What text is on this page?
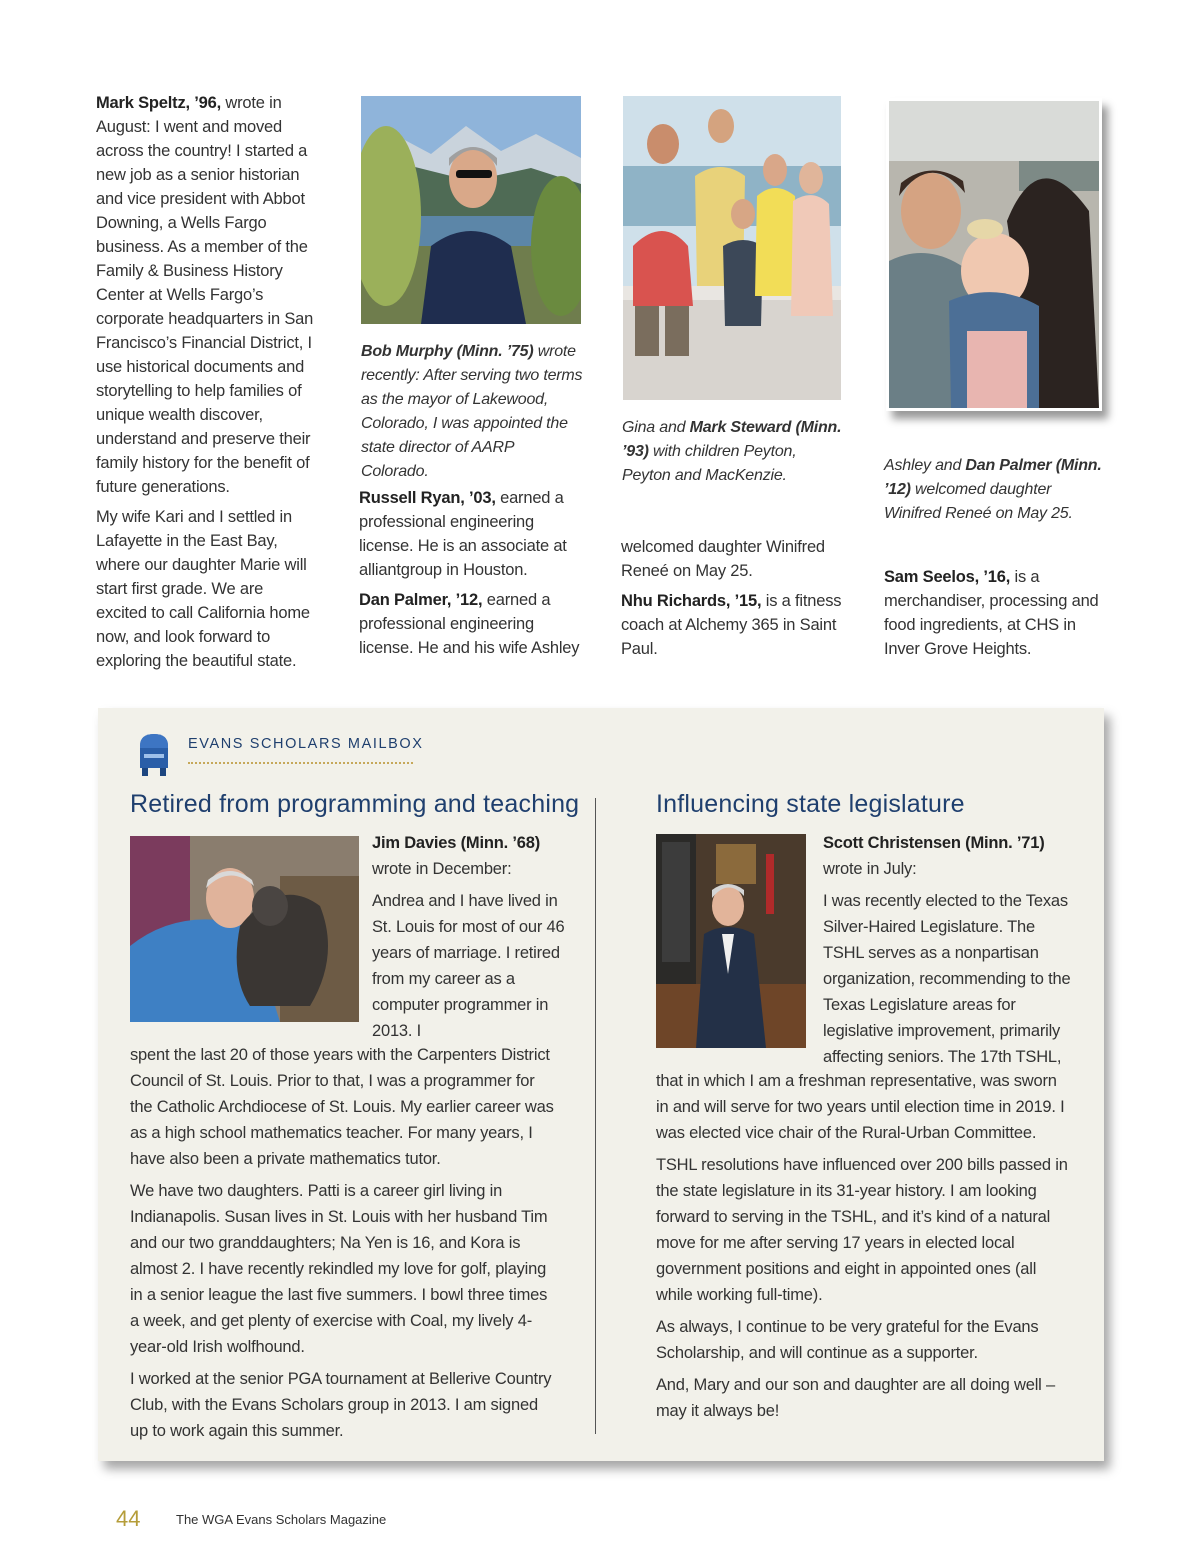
Mark Speltz, ’96, wrote in August: I went and moved across the country! I started a new job as a senior historian and vice president with Abbot Downing, a Wells Fargo business. As a member of the Family & Business History Center at Wells Fargo’s corporate headquarters in San Francisco’s Financial District, I use historical documents and storytelling to help families of unique wealth discover, understand and preserve their family history for the benefit of future generations.

My wife Kari and I settled in Lafayette in the East Bay, where our daughter Marie will start first grade. We are excited to call California home now, and look forward to exploring the beautiful state.

Bob Murphy (Minn. ’75) wrote recently: After serving two terms as the mayor of Lakewood, Colorado, I was appointed the state director of AARP Colorado.

Russell Ryan, ’03, earned a professional engineering license. He is an associate at alliantgroup in Houston.

Dan Palmer, ’12, earned a professional engineering license. He and his wife Ashley

Gina and Mark Steward (Minn. ’93) with children Peyton, Peyton and MacKenzie.

welcomed daughter Winifred Reneé on May 25.

Nhu Richards, ’15, is a fitness coach at Alchemy 365 in Saint Paul.

Ashley and Dan Palmer (Minn. ’12) welcomed daughter Winifred Reneé on May 25.

Sam Seelos, ’16, is a merchandiser, processing and food ingredients, at CHS in Inver Grove Heights.

EVANS SCHOLARS MAILBOX
Retired from programming and teaching

Jim Davies (Minn. ’68)
wrote in December:

Andrea and I have lived in St. Louis for most of our 46 years of marriage. I retired from my career as a computer programmer in 2013. I

spent the last 20 of those years with the Carpenters District Council of St. Louis. Prior to that, I was a programmer for the Catholic Archdiocese of St. Louis. My earlier career was as a high school mathematics teacher. For many years, I have also been a private mathematics tutor.

We have two daughters. Patti is a career girl living in Indianapolis. Susan lives in St. Louis with her husband Tim and our two granddaughters; Na Yen is 16, and Kora is almost 2. I have recently rekindled my love for golf, playing in a senior league the last five summers. I bowl three times a week, and get plenty of exercise with Coal, my lively 4-year-old Irish wolfhound.

I worked at the senior PGA tournament at Bellerive Country Club, with the Evans Scholars group in 2013. I am signed up to work again this summer.

Influencing state legislature

Scott Christensen (Minn. ’71)
wrote in July:

I was recently elected to the Texas Silver-Haired Legislature. The TSHL serves as a nonpartisan organization, recommending to the Texas Legislature areas for legislative improvement, primarily affecting seniors. The 17th TSHL,

that in which I am a freshman representative, was sworn in and will serve for two years until election time in 2019. I was elected vice chair of the Rural-Urban Committee.

TSHL resolutions have influenced over 200 bills passed in the state legislature in its 31-year history. I am looking forward to serving in the TSHL, and it’s kind of a natural move for me after serving 17 years in elected local government positions and eight in appointed ones (all while working full-time).

As always, I continue to be very grateful for the Evans Scholarship, and will continue as a supporter.

And, Mary and our son and daughter are all doing well – may it always be!

44	The WGA Evans Scholars Magazine
